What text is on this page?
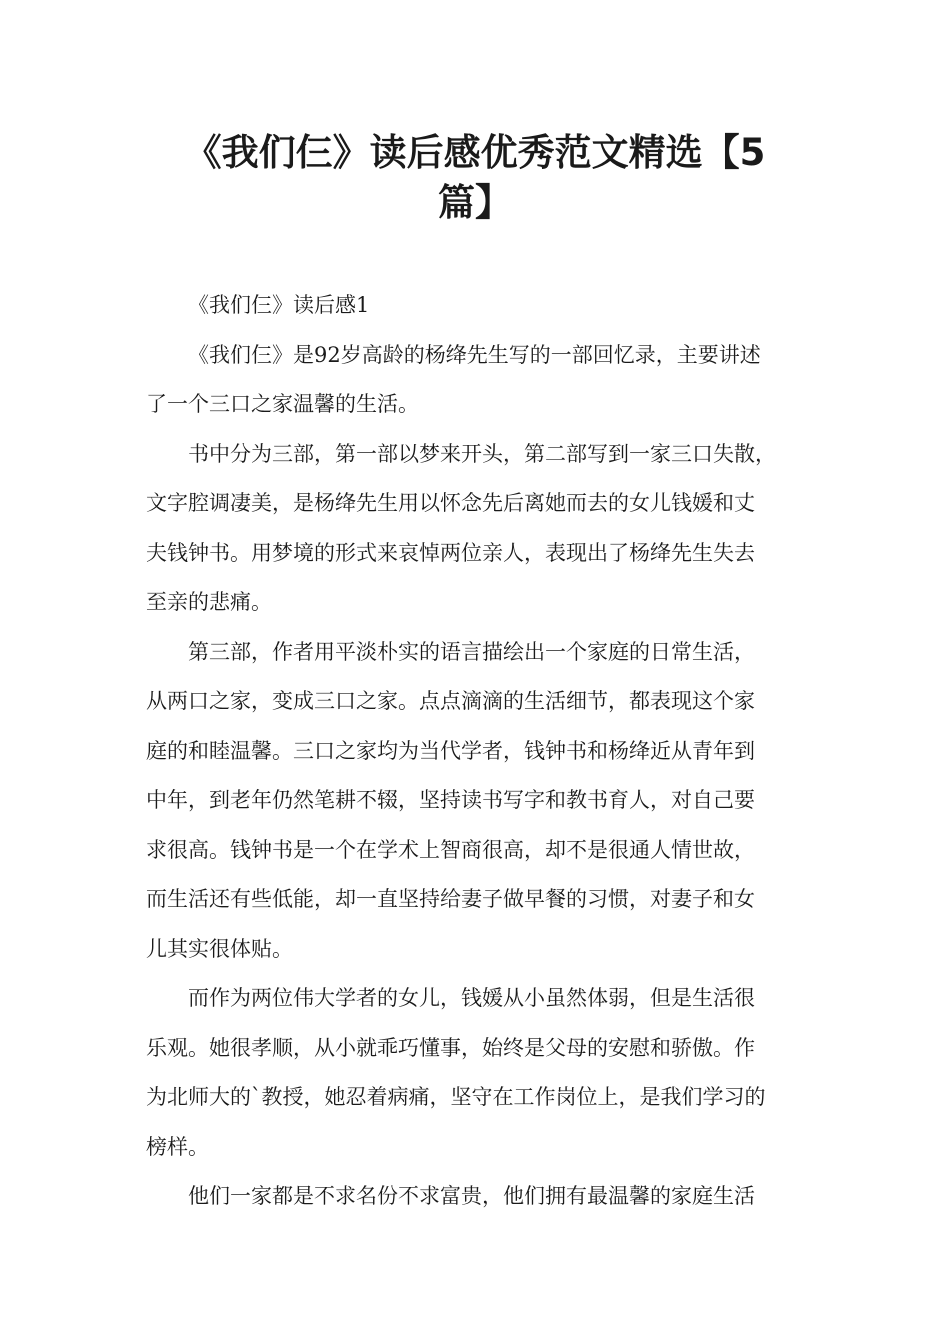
《我们仨》读后感优秀范文精选【5
篇】

《我们仨》读后感1

《我们仨》是92岁高龄的杨绛先生写的一部回忆录，主要讲述
了一个三口之家温馨的生活。

书中分为三部，第一部以梦来开头，第二部写到一家三口失散，
文字腔调凄美，是杨绛先生用以怀念先后离她而去的女儿钱媛和丈
夫钱钟书。用梦境的形式来哀悼两位亲人，表现出了杨绛先生失去
至亲的悲痛。

第三部，作者用平淡朴实的语言描绘出一个家庭的日常生活，
从两口之家，变成三口之家。点点滴滴的生活细节，都表现这个家
庭的和睦温馨。三口之家均为当代学者，钱钟书和杨绛近从青年到
中年，到老年仍然笔耕不辍，坚持读书写字和教书育人，对自己要
求很高。钱钟书是一个在学术上智商很高，却不是很通人情世故，
而生活还有些低能，却一直坚持给妻子做早餐的习惯，对妻子和女
儿其实很体贴。

而作为两位伟大学者的女儿，钱媛从小虽然体弱，但是生活很
乐观。她很孝顺，从小就乖巧懂事，始终是父母的安慰和骄傲。作
为北师大的`教授，她忍着病痛，坚守在工作岗位上，是我们学习的
榜样。

他们一家都是不求名份不求富贵，他们拥有最温馨的家庭生活
